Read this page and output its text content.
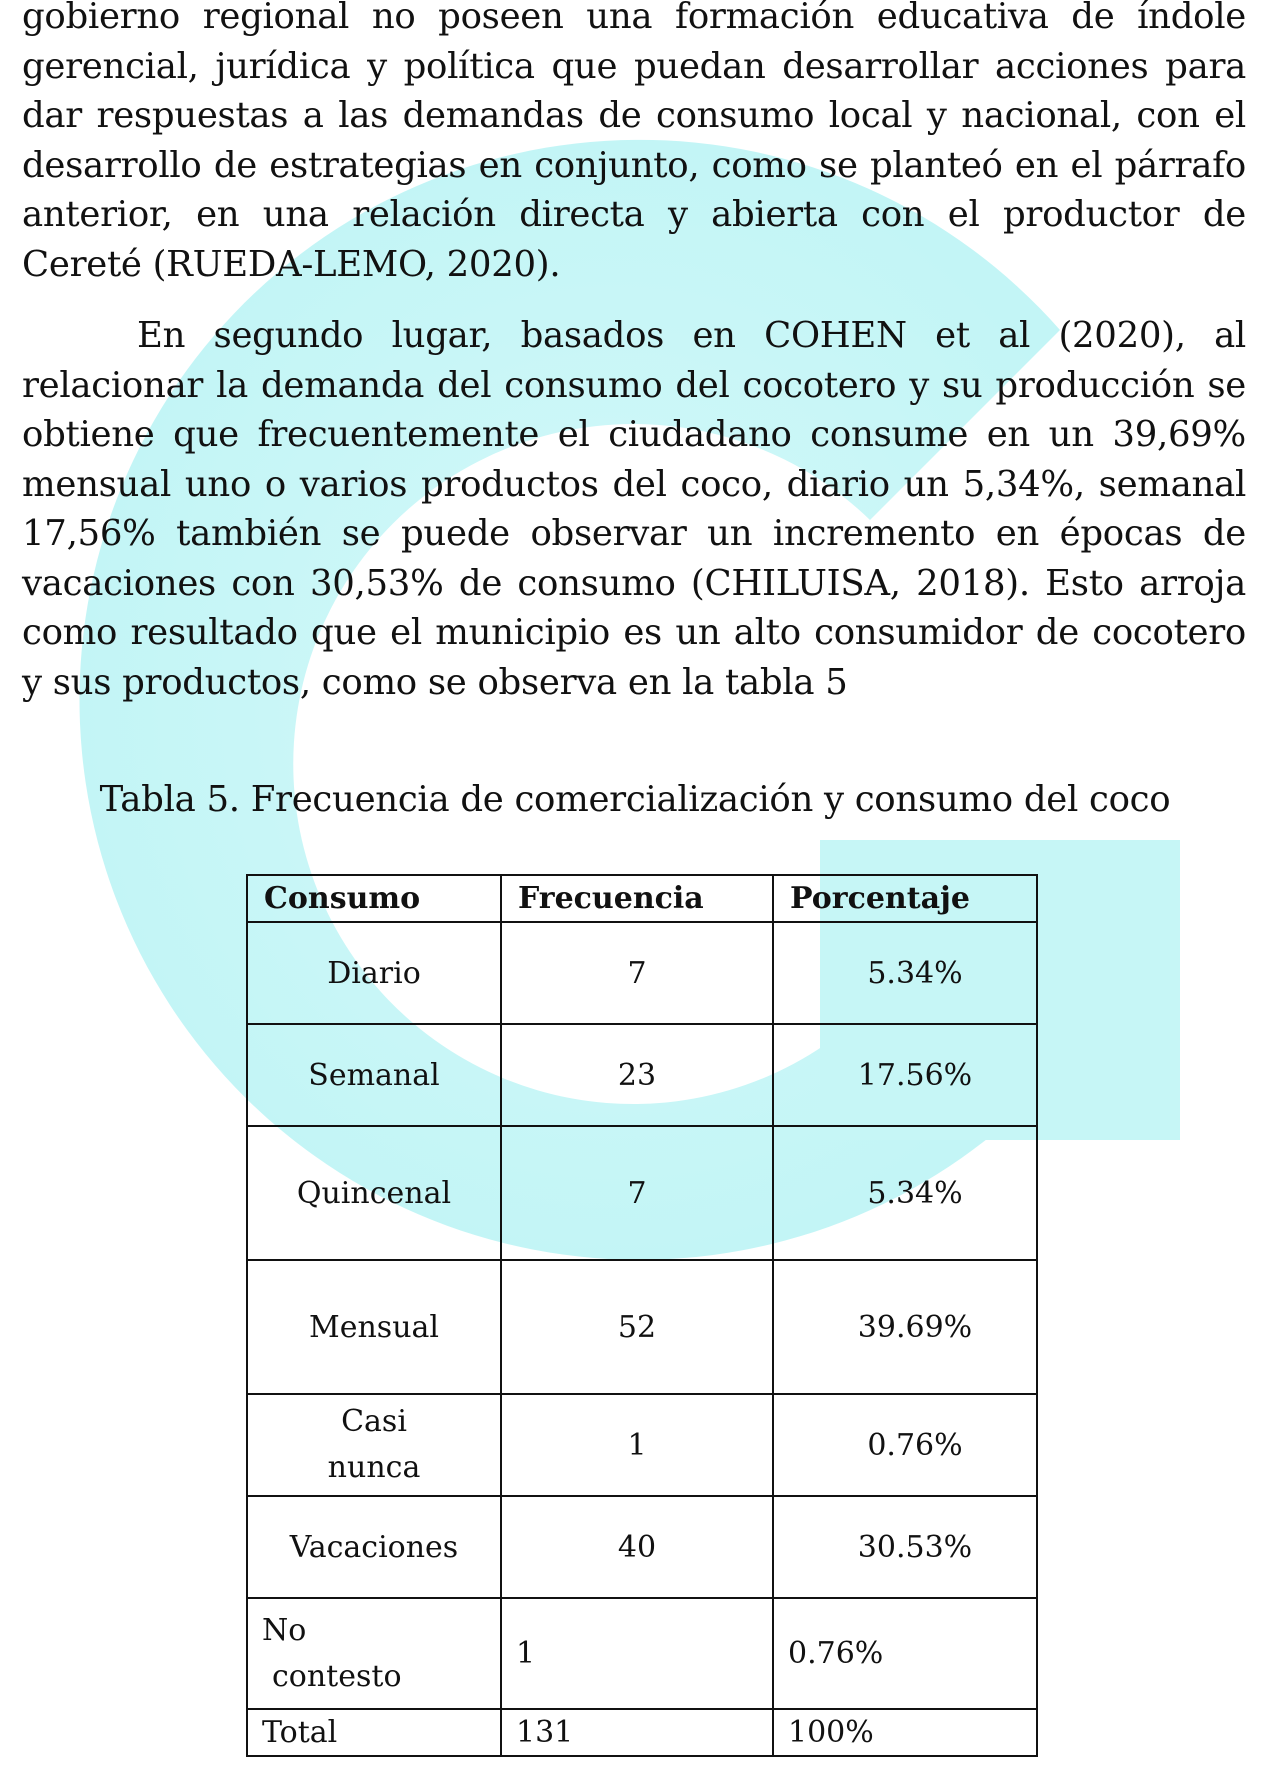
gobierno regional no poseen una formación educativa de índole gerencial, jurídica y política que puedan desarrollar acciones para dar respuestas a las demandas de consumo local y nacional, con el desarrollo de estrategias en conjunto, como se planteó en el párrafo anterior, en una relación directa y abierta con el productor de Cereté (RUEDA-LEMO, 2020).

En segundo lugar, basados en COHEN et al (2020), al relacionar la demanda del consumo del cocotero y su producción se obtiene que frecuentemente el ciudadano consume en un 39,69% mensual uno o varios productos del coco, diario un 5,34%, semanal 17,56% también se puede observar un incremento en épocas de vacaciones con 30,53% de consumo (CHILUISA, 2018). Esto arroja como resultado que el municipio es un alto consumidor de cocotero y sus productos, como se observa en la tabla 5

Tabla 5. Frecuencia de comercialización y consumo del coco

Consumo	Frecuencia	Porcentaje
Diario	7	5.34%
Semanal	23	17.56%
Quincenal	7	5.34%
Mensual	52	39.69%
Casi
nunca	1	0.76%
Vacaciones	40	30.53%
No
contesto	1	0.76%
Total	131	100%
